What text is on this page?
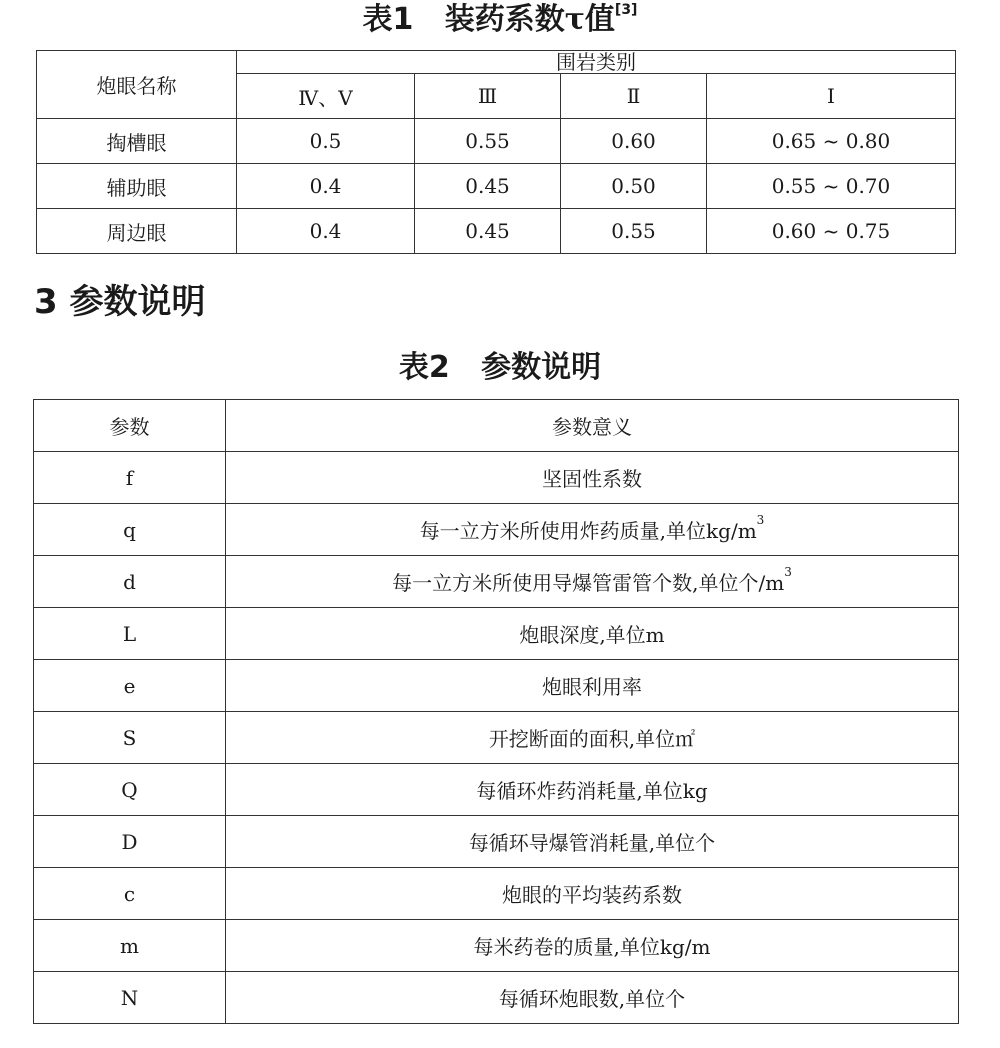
表1 装药系数τ值[3]
炮眼名称	围岩类别			
	Ⅳ、Ⅴ	Ⅲ	Ⅱ	Ⅰ
掏槽眼	0.5	0.55	0.60	0.65 ~ 0.80
辅助眼	0.4	0.45	0.50	0.55 ~ 0.70
周边眼	0.4	0.45	0.55	0.60 ~ 0.75
3 参数说明
表2 参数说明
参数	参数意义
f	坚固性系数
q	每一立方米所使用炸药质量,单位$kg/m^3$
d	每一立方米所使用导爆管雷管个数,单位个$/m^3$
L	炮眼深度,单位m
e	炮眼利用率
S	开挖断面的面积,单位㎡
Q	每循环炸药消耗量,单位kg
D	每循环导爆管消耗量,单位个
c	炮眼的平均装药系数
m	每米药卷的质量,单位kg/m
N	每循环炮眼数,单位个
